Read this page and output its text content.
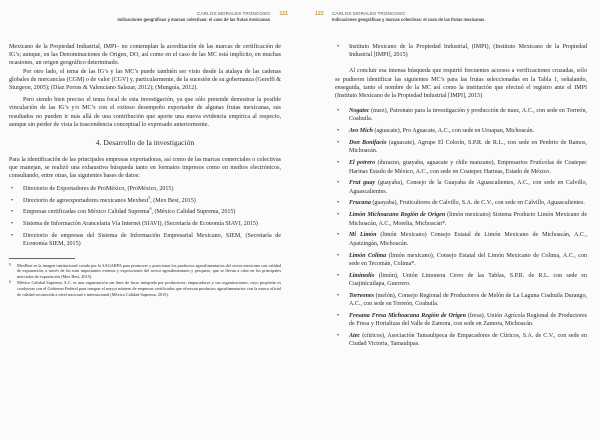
CARLOS MORALES TRONCOSO
Indicaciones geográficas y marcas colectivas: el caso de las frutas mexicanas
121

Mexicano de la Propiedad Industrial, IMPI– no contemplan la acreditación de las marcas de certificación de IG’s; aunque, en las Denominaciones de Origen, DO, así como en el caso de las MC está implícito, en muchas ocasiones, un origen geográfico determinado.

Por otro lado, el tema de las IG’s y las MC’s puede también ser visto desde la atalaya de las cadenas globales de mercancías (CGM) o de valor (CGV) y, particularmente, de la sucesión de su gobernanza (Gereffi & Sturgeon, 2005); (Díaz Porras & Valenciano Salazar, 2012); (Munguía, 2012).

Pero siendo bien preciso el tema focal de esta investigación, ya que sólo pretende demostrar la posible vinculación de las IG’s y/o MC’s con el exitoso desempeño exportador de algunas frutas mexicanas, sus resultados no pueden ir más allá de una contribución que aporte una nueva evidencia empírica al respecto, aunque sin perder de vista la trascendencia conceptual lo expresado anteriormente.

4. Desarrollo de la investigación

Para la identificación de las principales empresas exportadoras, así como de las marcas comerciales o colectivas que manejan, se realizó una exhaustiva búsqueda tanto en formatos impresos como en medios electrónicos, consultando, entre otras, las siguientes bases de datos:

• Directorio de Exportadores de ProMéxico, (ProMéxico, 2015)
• Directorio de agroexportadores mexicanos Mexbest$^5$, (Mex Best, 2015)
• Empresas certificadas con México Calidad Suprema$^6$, (México Calidad Suprema, 2015)
• Sistema de Información Arancelaria Vía Internet (SIAVI), (Secretaría de Economía SIAVI, 2015)
• Directorio de empresas del Sistema de Información Empresarial Mexicano, SIEM, (Secretaría de Economía SIEM, 2015)
5 MexBest es la imagen institucional creada por la SAGARPA para promover y posicionar los productos agroalimentarios del sector mexicano con calidad de exportación, a través de los más importantes eventos y exposiciones del sector agroalimentario y pesquero, que se llevan a cabo en los principales mercados de exportación (Mex Best, 2015).
6 México Calidad Suprema, A.C. es una organización sin fines de lucro integrada por productores, empacadores y sus organizaciones, cuyo propósito es coadyuvar con el Gobierno Federal para integrar el mayor número de empresas certificadas que ofrezcan productos agroalimentarios con la marca oficial de calidad reconocida a nivel nacional e internacional (México Calidad Suprema, 2015).
122 CARLOS MORALES TRONCOSO
Indicaciones geográficas y marcas colectivas: el caso de las frutas mexicanas
• Instituto Mexicano de la Propiedad Industrial, (IMPI), (Instituto Mexicano de la Propiedad Industrial [IMPI], 2015)

Al concluir esa intensa búsqueda que requirió frecuentes accesos a verificaciones cruzadas, sólo se pudieron identificar las siguientes MC’s para las frutas seleccionadas en la Tabla 1, señalando, enseguida, tanto el nombre de la MC así como la institución que efectuó el registro ante el IMPI (Instituto Mexicano de la Propiedad Industrial [IMPI], 2015)

• Nogatec (nuez), Patronato para la investigación y producción de nuez, A.C., con sede en Torreón, Coahuila.
• Avo Mich (aguacate), Pro Aguacate, A.C., con sede en Uruapan, Michoacán.
• Don Bonifacio (aguacate), Agrupe El Colorín, S.P.R. de R.L., con sede en Penbrio de Ramos, Michoacán.
• El potrero (durazno, guayaba, aguacate y chile manzano), Empresarios Frutícolas de Coatepec Harinas Estado de México, A.C., con sede en Coatepec Harinas, Estado de México.
• Frut guay (guayaba), Consejo de la Guayaba de Aguascalientes, A.C., con sede en Calvillo, Aguascalientes.
• Frucana (guayaba), Fruticultores de Calvillo, S.A. de C.V., con sede en Calvillo, Aguascalientes.
• Limón Michoacano Región de Origen (limón mexicano) Sistema Producto Limón Mexicano de Michoacán, A.C., Morelia, Michoacán*.
• Mi Limón (limón Mexicano) Consejo Estatal de Limón Mexicano de Michoacán, A.C., Apatzingán, Michoacán.
• Limón Colima (limón mexicano), Consejo Estatal del Limón Mexicano de Colima, A.C., con sede en Tecomán, Colima*.
• Liminedio (limón), Unión Limonera Cerro de las Tablas, S.P.R. de R.L. con sede en Cuajinicuilapa, Guerrero.
• Torreones (melón), Consejo Regional de Productores de Melón de La Laguna Coahuila Durango, A.C., con sede en Torreón, Coahuila.
• Fresana Fresa Michoacana Región de Origen (fresa), Unión Agrícola Regional de Productores de Fresa y Hortalizas del Valle de Zamora, con sede en Zamora, Michoacán.
• Atec (cítricos), Asociación Tamaulipeca de Empacadores de Cítricos, S.A. de C.V., con sede en Ciudad Victoria, Tamaulipas.
